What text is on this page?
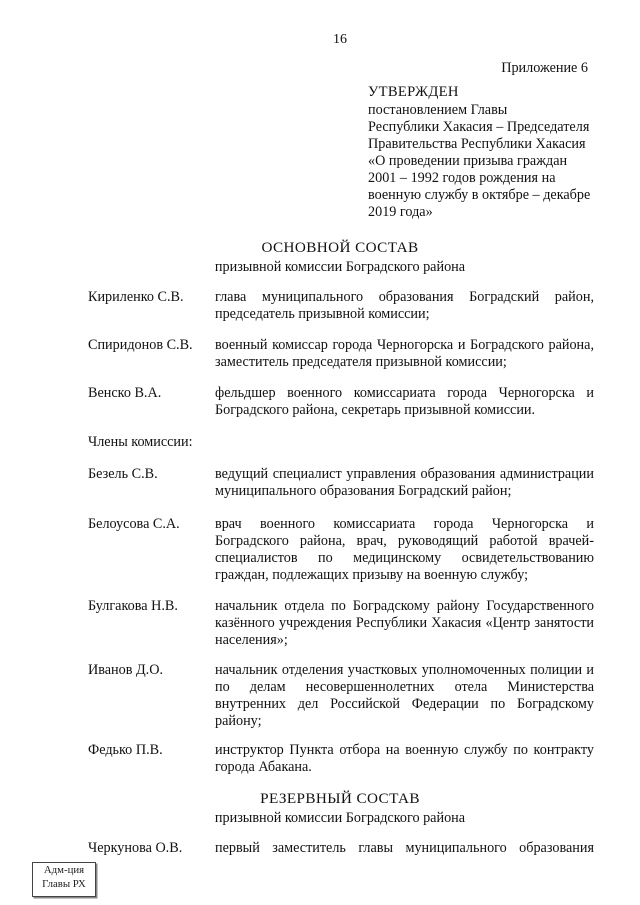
16
Приложение 6
УТВЕРЖДЕН
постановлением Главы
Республики Хакасия – Председателя
Правительства Республики Хакасия
«О проведении призыва граждан
2001 – 1992 годов рождения на
военную службу в октябре – декабре
2019 года»
ОСНОВНОЙ СОСТАВ
призывной комиссии Боградского района
Кириленко С.В. глава муниципального образования Боградский район, председатель призывной комиссии;
Спиридонов С.В. военный комиссар города Черногорска и Боградского района, заместитель председателя призывной комиссии;
Венско В.А.	фельдшер военного комиссариата города Черногорска и Боградского района, секретарь призывной комиссии.
Члены комиссии:
Безель С.В.	ведущий специалист управления образования администрации муниципального образования Боградский район;
Белоусова С.А. врач военного комиссариата города Черногорска и Боградского района, врач, руководящий работой врачей-специалистов по медицинскому освидетельствованию граждан, подлежащих призыву на военную службу;
Булгакова Н.В.	начальник отдела по Боградскому району Государственного казённого учреждения Республики Хакасия «Центр занятости населения»;
Иванов Д.О.	начальник отделения участковых уполномоченных полиции и по делам несовершеннолетних отела Министерства внутренних дел Российской Федерации по Боградскому району;
Федько П.В.	инструктор Пункта отбора на военную службу по контракту города Абакана.
РЕЗЕРВНЫЙ СОСТАВ
призывной комиссии Боградского района
Черкунова О.В. первый заместитель главы муниципального образования
Адм-ция
Главы РХ
